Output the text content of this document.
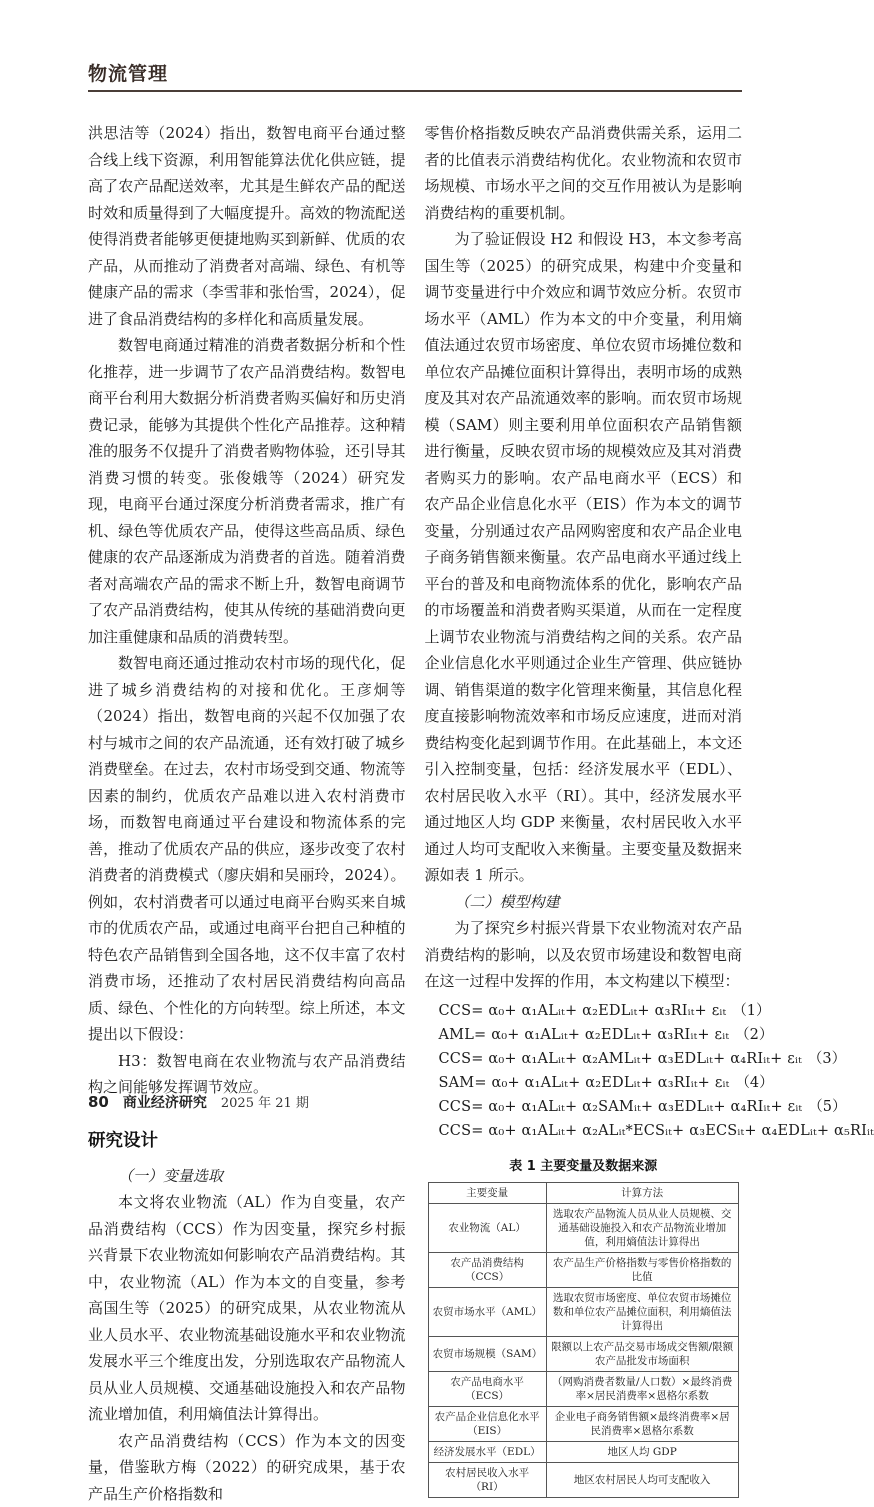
物流管理

洪思洁等（2024）指出，数智电商平台通过整合线上线下资源，利用智能算法优化供应链，提高了农产品配送效率，尤其是生鲜农产品的配送时效和质量得到了大幅度提升。高效的物流配送使得消费者能够更便捷地购买到新鲜、优质的农产品，从而推动了消费者对高端、绿色、有机等健康产品的需求（李雪菲和张怡雪，2024），促进了食品消费结构的多样化和高质量发展。

数智电商通过精准的消费者数据分析和个性化推荐，进一步调节了农产品消费结构。数智电商平台利用大数据分析消费者购买偏好和历史消费记录，能够为其提供个性化产品推荐。这种精准的服务不仅提升了消费者购物体验，还引导其消费习惯的转变。张俊娥等（2024）研究发现，电商平台通过深度分析消费者需求，推广有机、绿色等优质农产品，使得这些高品质、绿色健康的农产品逐渐成为消费者的首选。随着消费者对高端农产品的需求不断上升，数智电商调节了农产品消费结构，使其从传统的基础消费向更加注重健康和品质的消费转型。

数智电商还通过推动农村市场的现代化，促进了城乡消费结构的对接和优化。王彦炯等（2024）指出，数智电商的兴起不仅加强了农村与城市之间的农产品流通，还有效打破了城乡消费壁垒。在过去，农村市场受到交通、物流等因素的制约，优质农产品难以进入农村消费市场，而数智电商通过平台建设和物流体系的完善，推动了优质农产品的供应，逐步改变了农村消费者的消费模式（廖庆娟和吴丽玲，2024）。例如，农村消费者可以通过电商平台购买来自城市的优质农产品，或通过电商平台把自己种植的特色农产品销售到全国各地，这不仅丰富了农村消费市场，还推动了农村居民消费结构向高品质、绿色、个性化的方向转型。综上所述，本文提出以下假设：

H3：数智电商在农业物流与农产品消费结构之间能够发挥调节效应。

研究设计

（一）变量选取

本文将农业物流（AL）作为自变量，农产品消费结构（CCS）作为因变量，探究乡村振兴背景下农业物流如何影响农产品消费结构。其中，农业物流（AL）作为本文的自变量，参考高国生等（2025）的研究成果，从农业物流从业人员水平、农业物流基础设施水平和农业物流发展水平三个维度出发，分别选取农产品物流人员从业人员规模、交通基础设施投入和农产品物流业增加值，利用熵值法计算得出。

农产品消费结构（CCS）作为本文的因变量，借鉴耿方梅（2022）的研究成果，基于农产品生产价格指数和

零售价格指数反映农产品消费供需关系，运用二者的比值表示消费结构优化。农业物流和农贸市场规模、市场水平之间的交互作用被认为是影响消费结构的重要机制。

为了验证假设 H2 和假设 H3，本文参考高国生等（2025）的研究成果，构建中介变量和调节变量进行中介效应和调节效应分析。农贸市场水平（AML）作为本文的中介变量，利用熵值法通过农贸市场密度、单位农贸市场摊位数和单位农产品摊位面积计算得出，表明市场的成熟度及其对农产品流通效率的影响。而农贸市场规模（SAM）则主要利用单位面积农产品销售额进行衡量，反映农贸市场的规模效应及其对消费者购买力的影响。农产品电商水平（ECS）和农产品企业信息化水平（EIS）作为本文的调节变量，分别通过农产品网购密度和农产品企业电子商务销售额来衡量。农产品电商水平通过线上平台的普及和电商物流体系的优化，影响农产品的市场覆盖和消费者购买渠道，从而在一定程度上调节农业物流与消费结构之间的关系。农产品企业信息化水平则通过企业生产管理、供应链协调、销售渠道的数字化管理来衡量，其信息化程度直接影响物流效率和市场反应速度，进而对消费结构变化起到调节作用。在此基础上，本文还引入控制变量，包括：经济发展水平（EDL）、农村居民收入水平（RI）。其中，经济发展水平通过地区人均 GDP 来衡量，农村居民收入水平通过人均可支配收入来衡量。主要变量及数据来源如表 1 所示。

（二）模型构建

为了探究乡村振兴背景下农业物流对农产品消费结构的影响，以及农贸市场建设和数智电商在这一过程中发挥的作用，本文构建以下模型：

CCS= α₀+ α₁ALᵢₜ+ α₂EDLᵢₜ+ α₃RIᵢₜ+ εᵢₜ （1）
AML= α₀+ α₁ALᵢₜ+ α₂EDLᵢₜ+ α₃RIᵢₜ+ εᵢₜ （2）
CCS= α₀+ α₁ALᵢₜ+ α₂AMLᵢₜ+ α₃EDLᵢₜ+ α₄RIᵢₜ+ εᵢₜ （3）
SAM= α₀+ α₁ALᵢₜ+ α₂EDLᵢₜ+ α₃RIᵢₜ+ εᵢₜ （4）
CCS= α₀+ α₁ALᵢₜ+ α₂SAMᵢₜ+ α₃EDLᵢₜ+ α₄RIᵢₜ+ εᵢₜ （5）
CCS= α₀+ α₁ALᵢₜ+ α₂ALᵢₜ*ECSᵢₜ+ α₃ECSᵢₜ+ α₄EDLᵢₜ+ α₅RIᵢₜ
表 1 主要变量及数据来源
主要变量	计算方法
农业物流（AL）	选取农产品物流人员从业人员规模、交通基础设施投入和农产品物流业增加值，利用熵值法计算得出
农产品消费结构（CCS）	农产品生产价格指数与零售价格指数的比值
农贸市场水平（AML）	选取农贸市场密度、单位农贸市场摊位数和单位农产品摊位面积，利用熵值法计算得出
农贸市场规模（SAM）	限额以上农产品交易市场成交售额/限额农产品批发市场面积
农产品电商水平（ECS）	（网购消费者数量/人口数）×最终消费率×居民消费率×恩格尔系数
农产品企业信息化水平（EIS）	企业电子商务销售额×最终消费率×居民消费率×恩格尔系数
经济发展水平（EDL）	地区人均 GDP
农村居民收入水平（RI）	地区农村居民人均可支配收入
80 商业经济研究 2025 年 21 期
